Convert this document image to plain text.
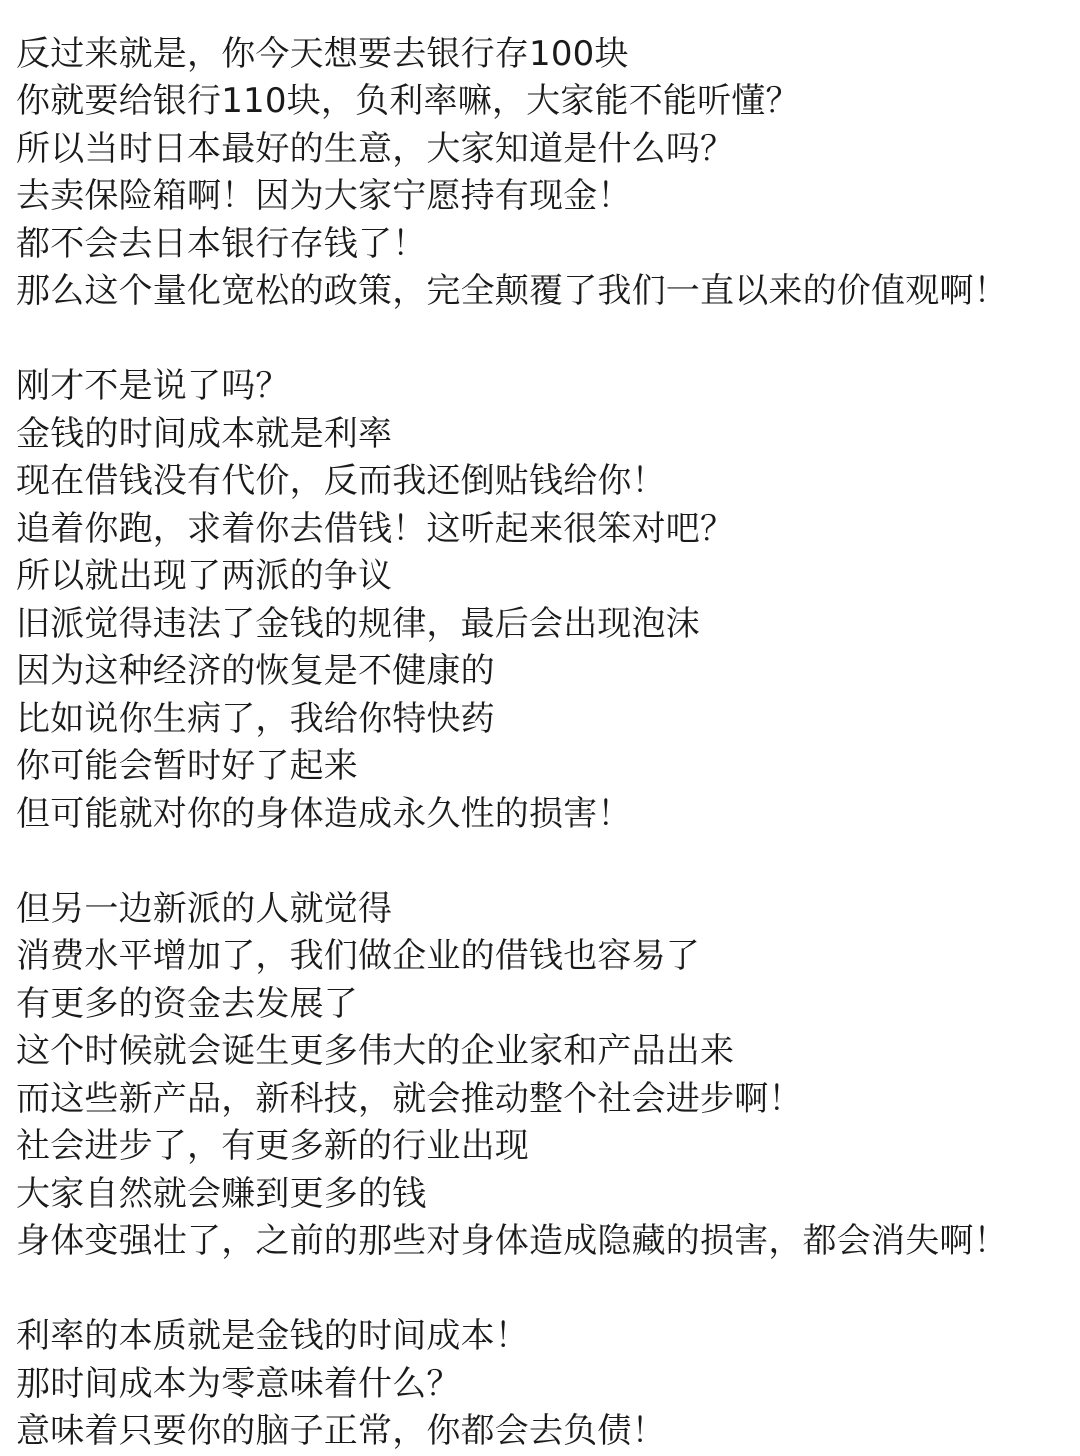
反过来就是，你今天想要去银行存100块
你就要给银行110块，负利率嘛，大家能不能听懂？
所以当时日本最好的生意，大家知道是什么吗？
去卖保险箱啊！因为大家宁愿持有现金！
都不会去日本银行存钱了！
那么这个量化宽松的政策，完全颠覆了我们一直以来的价值观啊！
刚才不是说了吗？
金钱的时间成本就是利率
现在借钱没有代价，反而我还倒贴钱给你！
追着你跑，求着你去借钱！这听起来很笨对吧？
所以就出现了两派的争议
旧派觉得违法了金钱的规律，最后会出现泡沫
因为这种经济的恢复是不健康的
比如说你生病了，我给你特快药
你可能会暂时好了起来
但可能就对你的身体造成永久性的损害！
但另一边新派的人就觉得
消费水平增加了，我们做企业的借钱也容易了
有更多的资金去发展了
这个时候就会诞生更多伟大的企业家和产品出来
而这些新产品，新科技，就会推动整个社会进步啊！
社会进步了，有更多新的行业出现
大家自然就会赚到更多的钱
身体变强壮了，之前的那些对身体造成隐藏的损害，都会消失啊！
利率的本质就是金钱的时间成本！
那时间成本为零意味着什么？
意味着只要你的脑子正常，你都会去负债！
